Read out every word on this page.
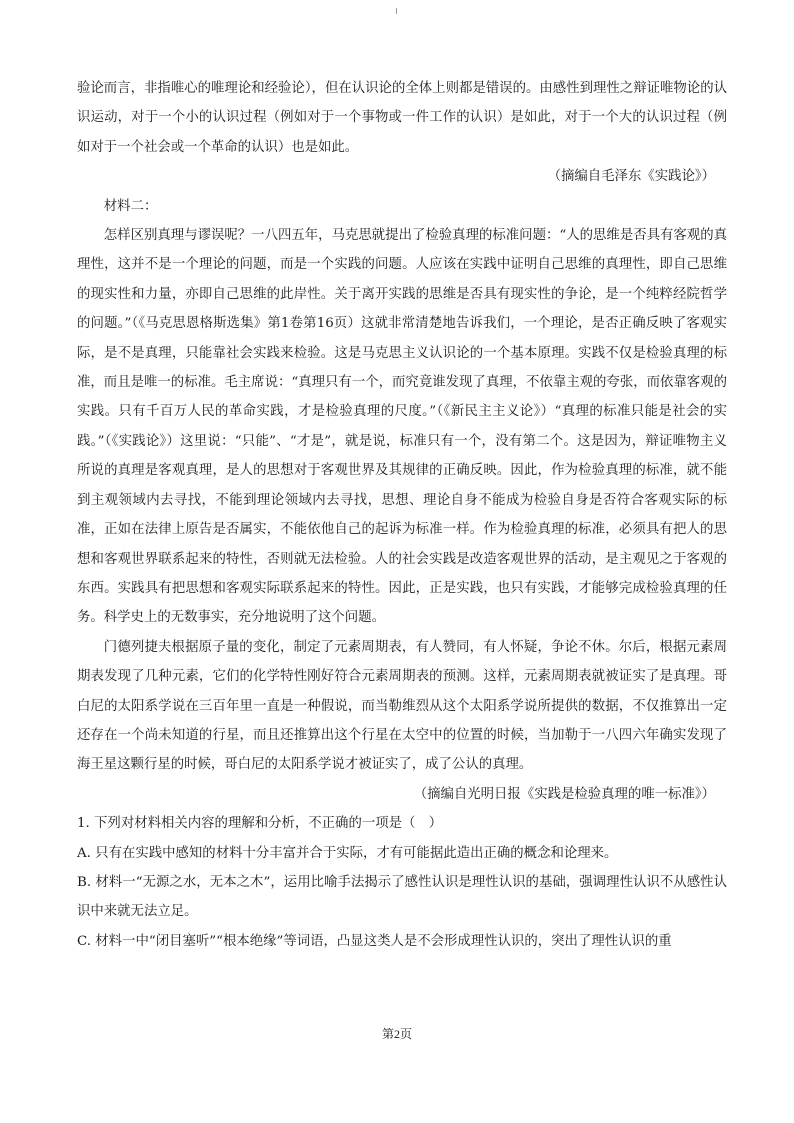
验论而言，非指唯心的唯理论和经验论），但在认识论的全体上则都是错误的。由感性到理性之辩证唯物论的认识运动，对于一个小的认识过程（例如对于一个事物或一件工作的认识）是如此，对于一个大的认识过程（例如对于一个社会或一个革命的认识）也是如此。

（摘编自毛泽东《实践论》）

材料二：

怎样区别真理与谬误呢？一八四五年，马克思就提出了检验真理的标准问题：“人的思维是否具有客观的真理性，这并不是一个理论的问题，而是一个实践的问题。人应该在实践中证明自己思维的真理性，即自己思维的现实性和力量，亦即自己思维的此岸性。关于离开实践的思维是否具有现实性的争论，是一个纯粹经院哲学的问题。”（《马克思恩格斯选集》第1卷第16页）这就非常清楚地告诉我们，一个理论，是否正确反映了客观实际，是不是真理，只能靠社会实践来检验。这是马克思主义认识论的一个基本原理。实践不仅是检验真理的标准，而且是唯一的标准。毛主席说：“真理只有一个，而究竟谁发现了真理，不依靠主观的夸张，而依靠客观的实践。只有千百万人民的革命实践，才是检验真理的尺度。”（《新民主主义论》）“真理的标准只能是社会的实践。”（《实践论》）这里说：“只能”、“才是”，就是说，标准只有一个，没有第二个。这是因为，辩证唯物主义所说的真理是客观真理，是人的思想对于客观世界及其规律的正确反映。因此，作为检验真理的标准，就不能到主观领域内去寻找，不能到理论领域内去寻找，思想、理论自身不能成为检验自身是否符合客观实际的标准，正如在法律上原告是否属实，不能依他自己的起诉为标准一样。作为检验真理的标准，必须具有把人的思想和客观世界联系起来的特性，否则就无法检验。人的社会实践是改造客观世界的活动，是主观见之于客观的东西。实践具有把思想和客观实际联系起来的特性。因此，正是实践，也只有实践，才能够完成检验真理的任务。科学史上的无数事实，充分地说明了这个问题。

门德列捷夫根据原子量的变化，制定了元素周期表，有人赞同，有人怀疑，争论不休。尔后，根据元素周期表发现了几种元素，它们的化学特性刚好符合元素周期表的预测。这样，元素周期表就被证实了是真理。哥白尼的太阳系学说在三百年里一直是一种假说，而当勒维烈从这个太阳系学说所提供的数据，不仅推算出一定还存在一个尚未知道的行星，而且还推算出这个行星在太空中的位置的时候，当加勒于一八四六年确实发现了海王星这颗行星的时候，哥白尼的太阳系学说才被证实了，成了公认的真理。

（摘编自光明日报《实践是检验真理的唯一标准》）

1. 下列对材料相关内容的理解和分析，不正确的一项是（　）

A. 只有在实践中感知的材料十分丰富并合于实际，才有可能据此造出正确的概念和论理来。

B. 材料一“无源之水，无本之木”，运用比喻手法揭示了感性认识是理性认识的基础，强调理性认识不从感性认识中来就无法立足。

C. 材料一中“闭目塞听”“根本绝缘”等词语，凸显这类人是不会形成理性认识的，突出了理性认识的重

第2页
